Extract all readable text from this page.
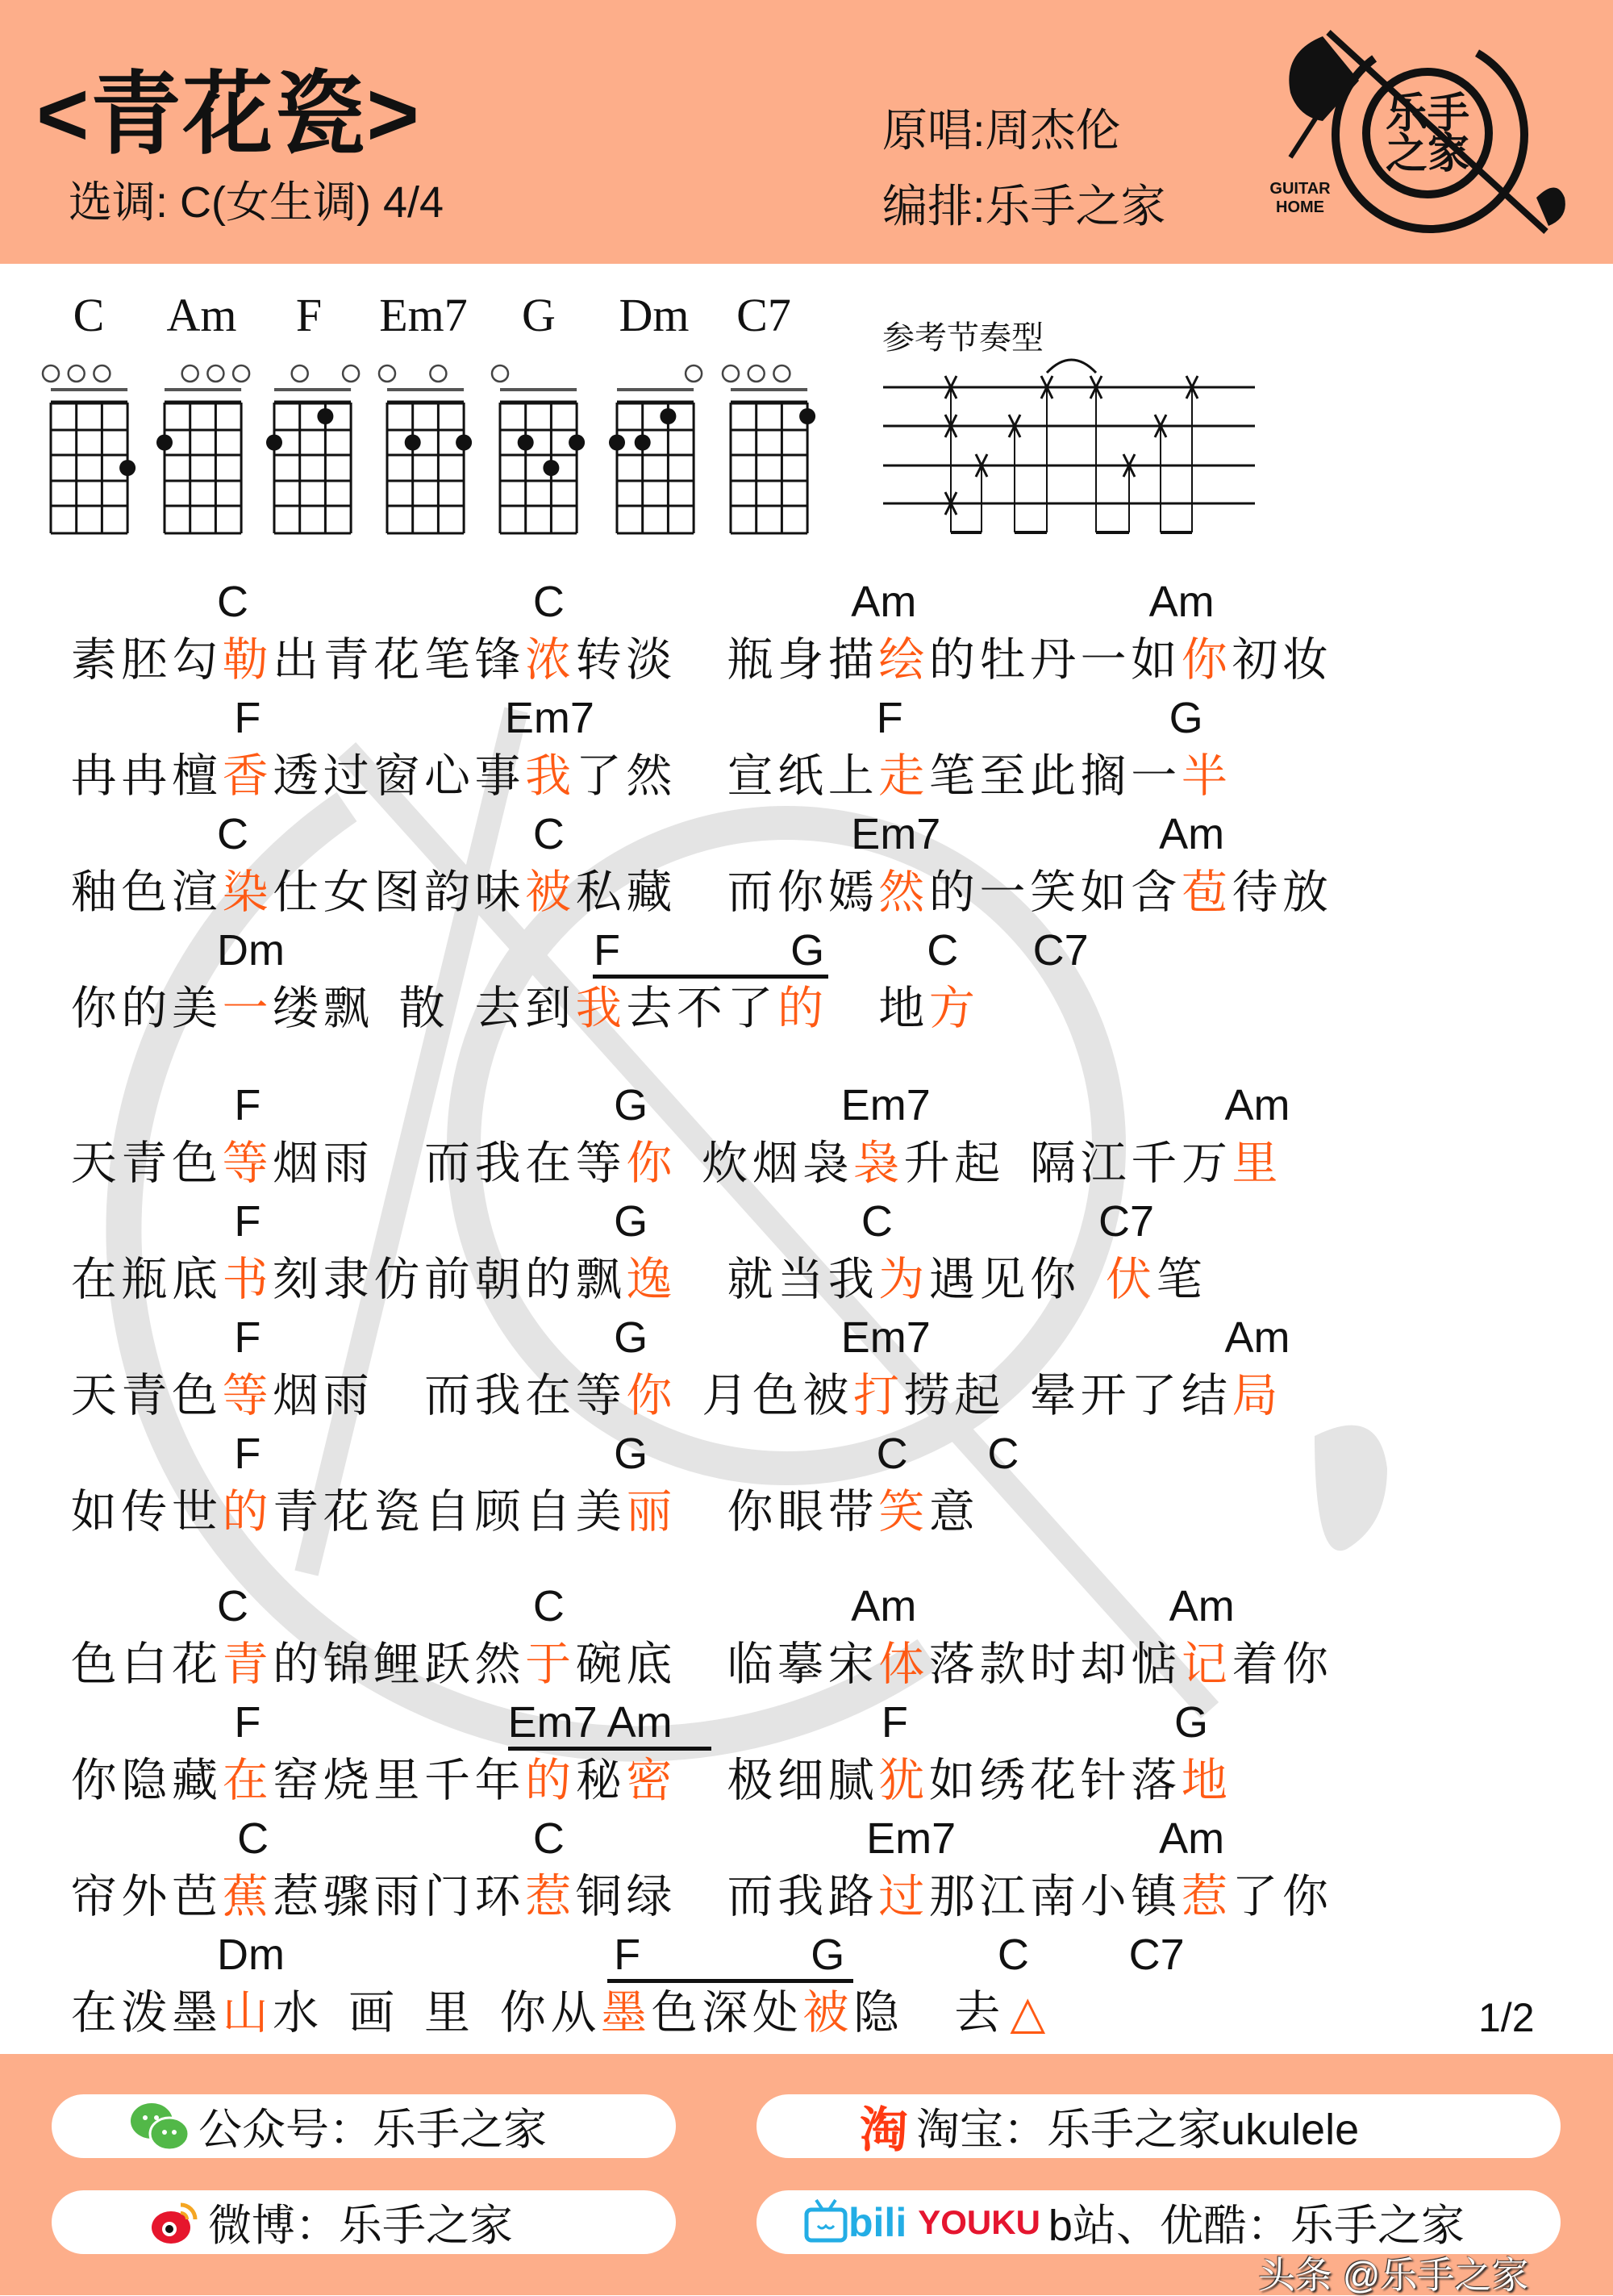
<青花瓷>
选调: C(女生调) 4/4
原唱:周杰伦
编排:乐手之家
乐手
之家
GUITAR
HOME
C Am F Em7 G Dm C7	参考节奏型
C	C	Am	Am
素胚勾勒出青花笔锋浓转淡　 瓶身描绘的牡丹一如你初妆
F	Em7	F	G
冉冉檀香透过窗心事我了然　 宣纸上走笔至此搁一半
C	C	Em7	Am
釉色渲染仕女图韵味被私藏　 而你嫣然的一笑如含苞待放
Dm	F	G C C7
你的美一缕飘 散 去到我去不了的　 地方
F	G	Em7	Am
天青色等烟雨　 而我在等你 炊烟袅袅升起 隔江千万里
F	G	C	C7
在瓶底书刻隶仿前朝的飘逸　 就当我为遇见你 伏笔
F	G	Em7	Am
天青色等烟雨　 而我在等你 月色被打捞起 晕开了结局
F	G	C C
如传世的青花瓷自顾自美丽　 你眼带笑意
C	C	Am	Am
色白花青的锦鲤跃然于碗底　 临摹宋体落款时却惦记着你
F	Em7 Am	F	G
你隐藏在窑烧里千年的秘密　 极细腻犹如绣花针落地
C	C	Em7	Am
帘外芭蕉惹骤雨门环惹铜绿　 而我路过那江南小镇惹了你
Dm	F	G	C C7
在泼墨山水 画 里 你从墨色深处被隐　 去 △	1/2
公众号：乐手之家	淘 淘宝：乐手之家ukulele
微博：乐手之家	bili YOUKU b站、优酷：乐手之家
头条 @乐手之家
